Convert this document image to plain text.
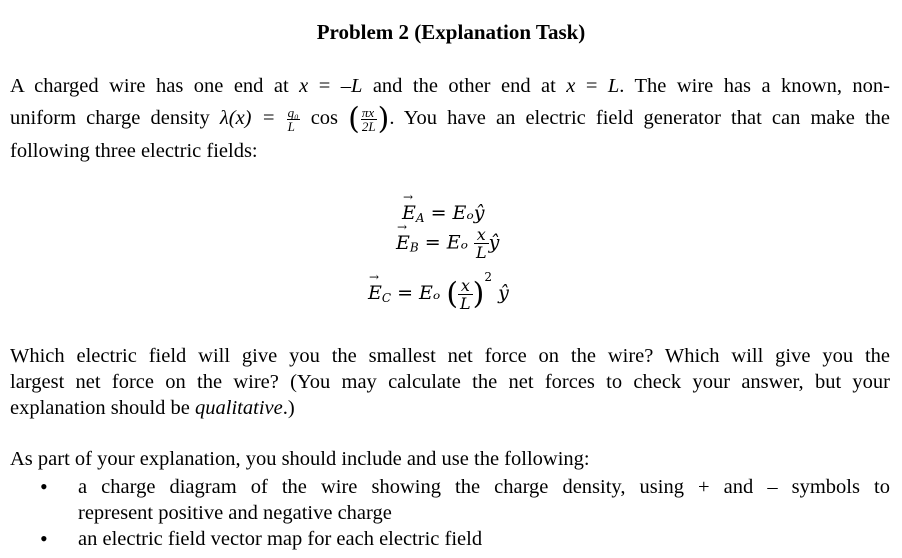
Problem 2 (Explanation Task)
A charged wire has one end at x = –L and the other end at x = L. The wire has a known, non-
uniform charge density $\lambda(x) = \frac{\text{q₀}}{L}$ cos ( $\frac{\pi x}{2L}$ ). You have an electric field generator that can make the
following three electric fields:
→ $E_A$ = Eₒŷ
→ $E_B = E_o \frac{x}{L}$ ŷ
→ $E_C = E_o$ ( $\frac{x}{L} )^2$ ŷ
Which electric field will give you the smallest net force on the wire? Which will give you the
largest net force on the wire? (You may calculate the net forces to check your answer, but your
explanation should be qualitative.)
As part of your explanation, you should include and use the following:
• a charge diagram of the wire showing the charge density, using + and – symbols to
represent positive and negative charge
• an electric field vector map for each electric field
